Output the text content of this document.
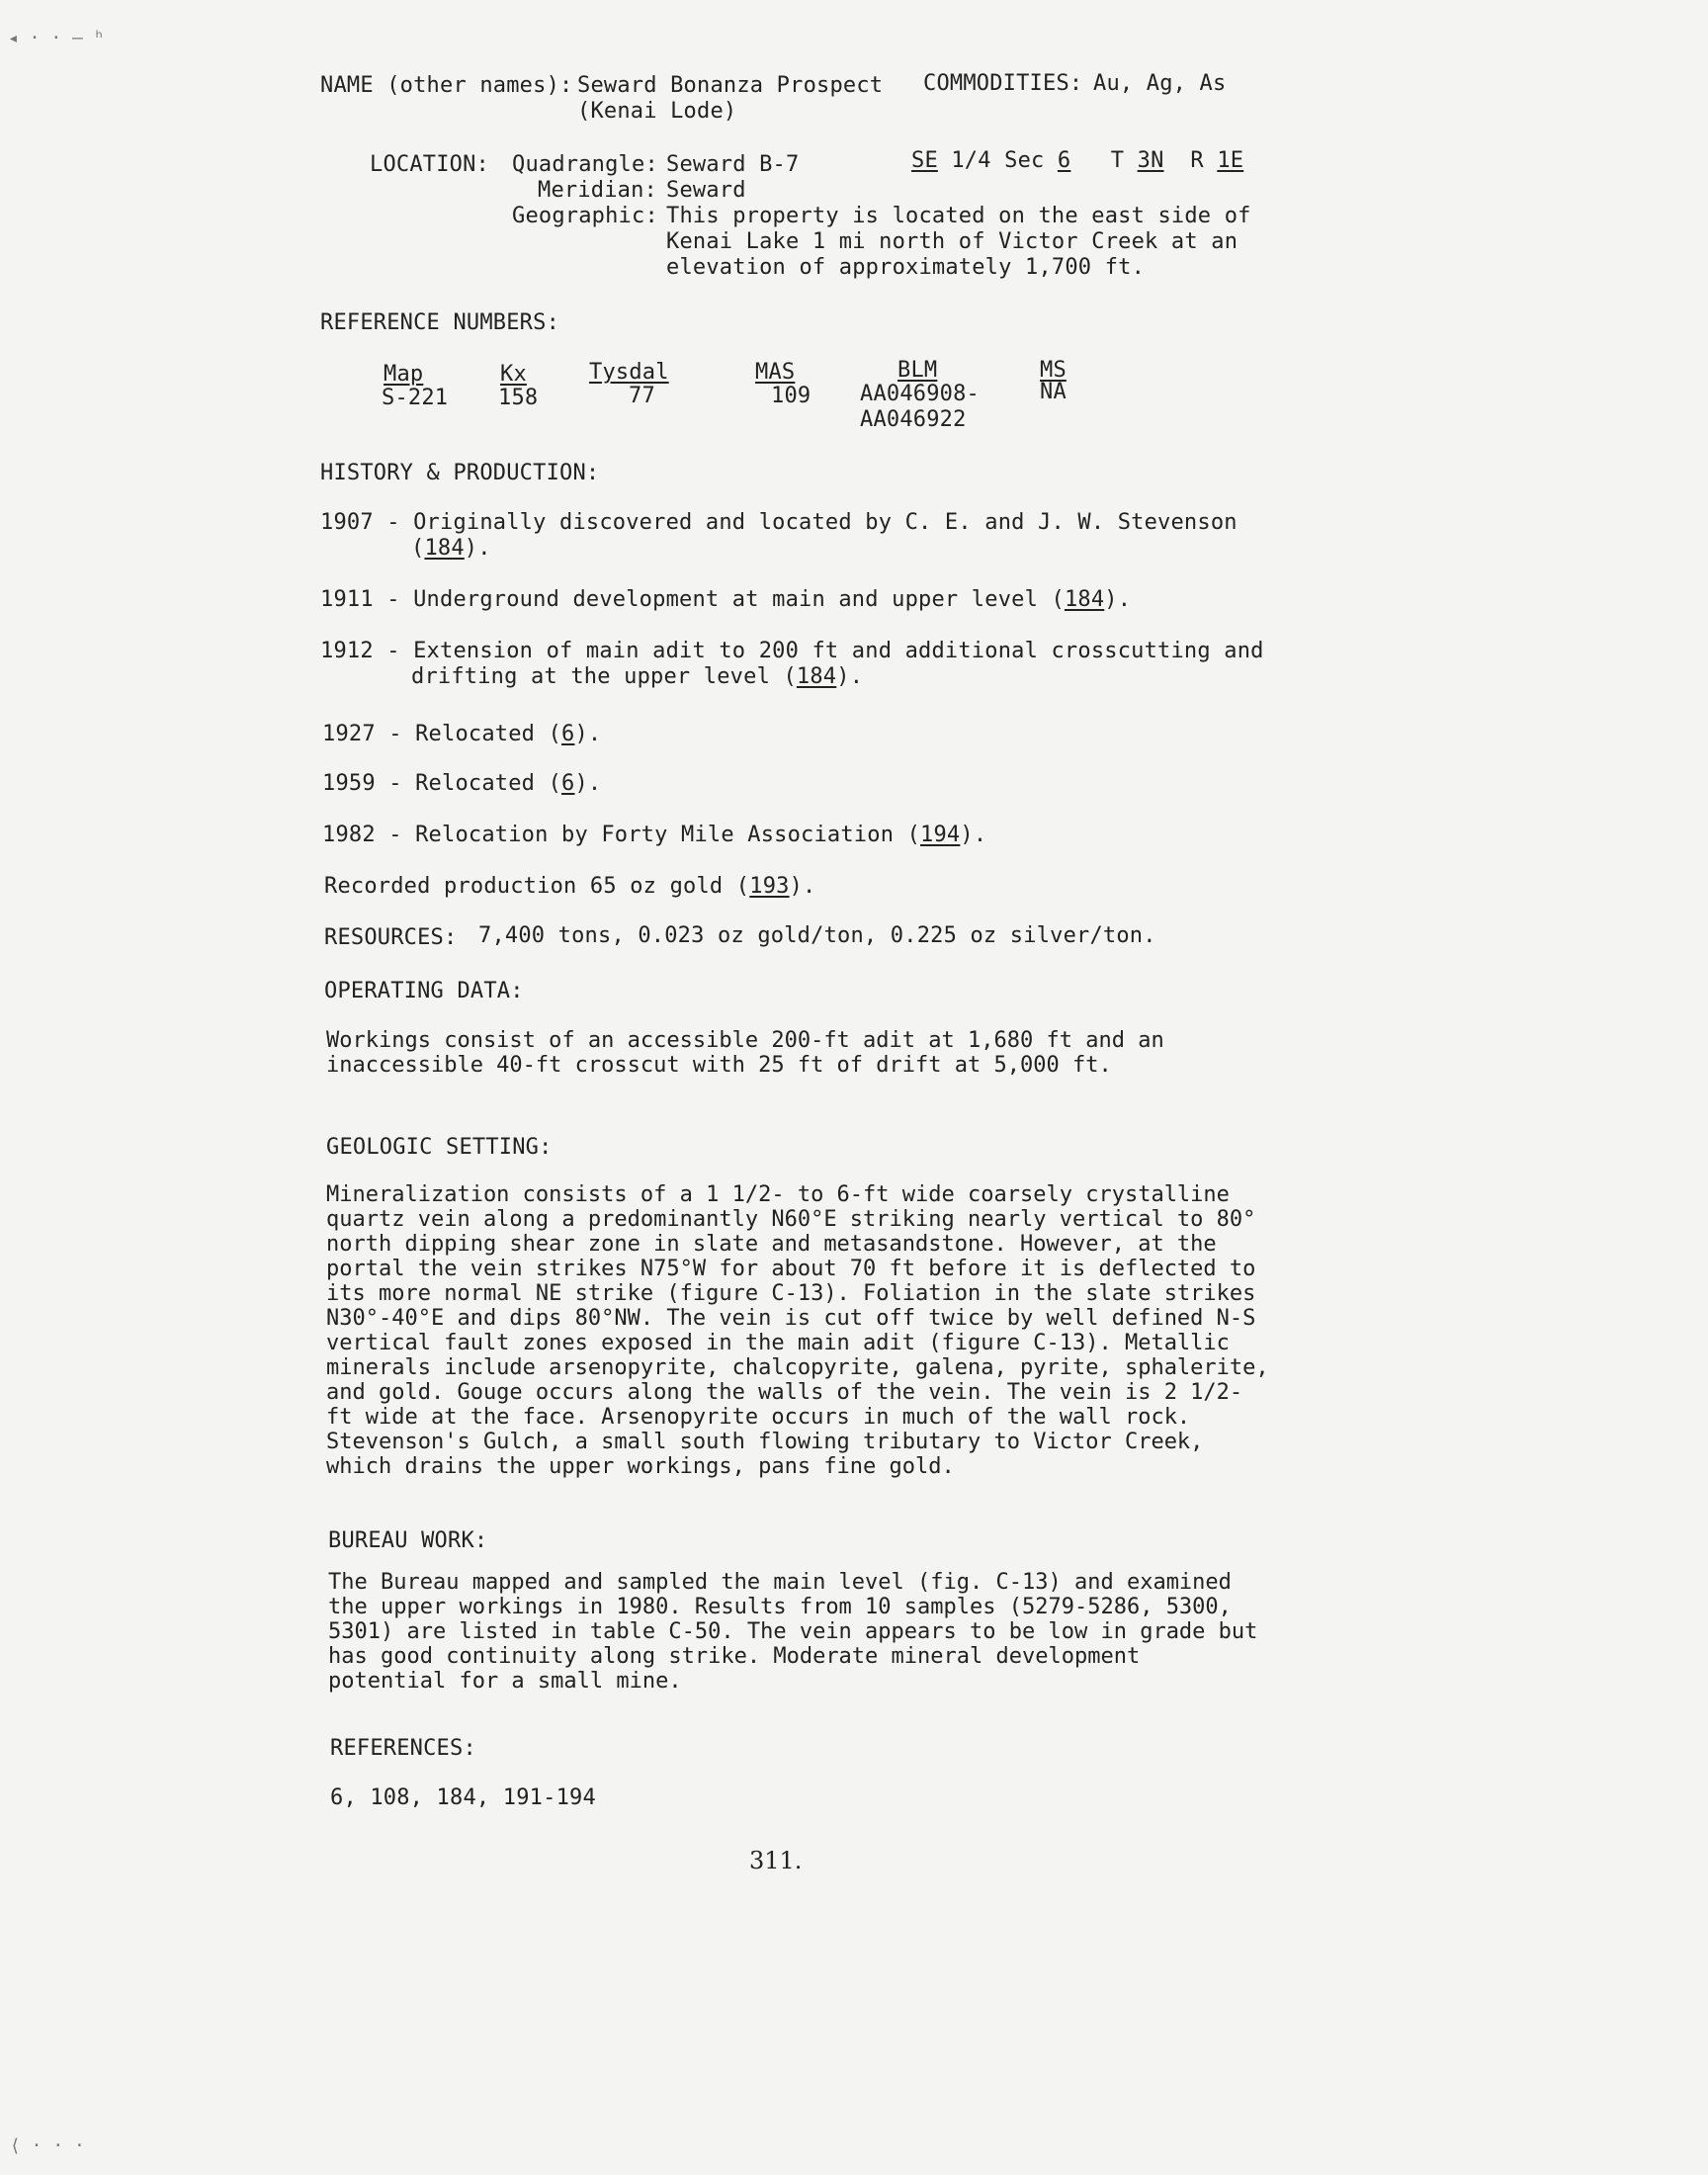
◂ · · ‒ ʰ
NAME (other names): Seward Bonanza Prospect
(Kenai Lode)
COMMODITIES: Au, Ag, As
LOCATION: Quadrangle: Seward B-7	SE 1/4 Sec 6 T 3N R 1E
Meridian: Seward
Geographic: This property is located on the east side of
Kenai Lake 1 mi north of Victor Creek at an
elevation of approximately 1,700 ft.
REFERENCE NUMBERS:
Map
S-221
Kx
158
Tysdal
77
MAS
109
BLM
AA046908-
AA046922
MS
NA
HISTORY & PRODUCTION:
1907 - Originally discovered and located by C. E. and J. W. Stevenson
(184).
1911 - Underground development at main and upper level (184).
1912 - Extension of main adit to 200 ft and additional crosscutting and
drifting at the upper level (184).
1927 - Relocated (6).
1959 - Relocated (6).
1982 - Relocation by Forty Mile Association (194).
Recorded production 65 oz gold (193).
RESOURCES: 7,400 tons, 0.023 oz gold/ton, 0.225 oz silver/ton.
OPERATING DATA:
Workings consist of an accessible 200-ft adit at 1,680 ft and an
inaccessible 40-ft crosscut with 25 ft of drift at 5,000 ft.
GEOLOGIC SETTING:
Mineralization consists of a 1 1/2- to 6-ft wide coarsely crystalline
quartz vein along a predominantly N60°E striking nearly vertical to 80°
north dipping shear zone in slate and metasandstone. However, at the
portal the vein strikes N75°W for about 70 ft before it is deflected to
its more normal NE strike (figure C-13). Foliation in the slate strikes
N30°-40°E and dips 80°NW. The vein is cut off twice by well defined N-S
vertical fault zones exposed in the main adit (figure C-13). Metallic
minerals include arsenopyrite, chalcopyrite, galena, pyrite, sphalerite,
and gold. Gouge occurs along the walls of the vein. The vein is 2 1/2-
ft wide at the face. Arsenopyrite occurs in much of the wall rock.
Stevenson's Gulch, a small south flowing tributary to Victor Creek,
which drains the upper workings, pans fine gold.
BUREAU WORK:
The Bureau mapped and sampled the main level (fig. C-13) and examined
the upper workings in 1980. Results from 10 samples (5279-5286, 5300,
5301) are listed in table C-50. The vein appears to be low in grade but
has good continuity along strike. Moderate mineral development
potential for a small mine.
REFERENCES:
6, 108, 184, 191-194
311.
⟨ · · ·
